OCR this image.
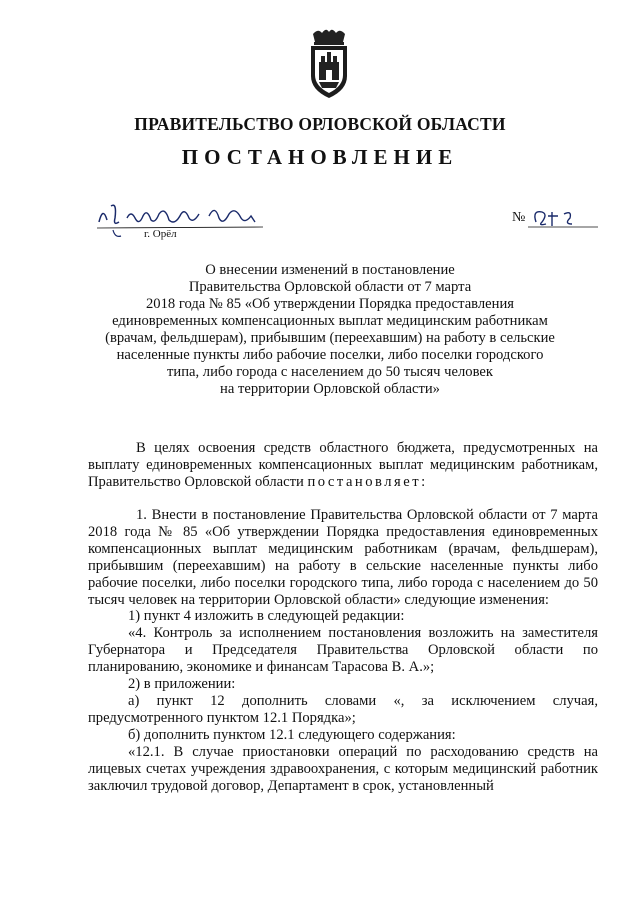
ПРАВИТЕЛЬСТВО ОРЛОВСКОЙ ОБЛАСТИ
ПОСТАНОВЛЕНИЕ
г. Орёл
№
О внесении изменений в постановление
Правительства Орловской области от 7 марта
2018 года № 85 «Об утверждении Порядка предоставления
единовременных компенсационных выплат медицинским работникам
(врачам, фельдшерам), прибывшим (переехавшим) на работу в сельские
населенные пункты либо рабочие поселки, либо поселки городского
типа, либо города с населением до 50 тысяч человек
на территории Орловской области»

В целях освоения средств областного бюджета, предусмотренных на выплату единовременных компенсационных выплат медицинским работникам, Правительство Орловской области постановляет:

1. Внести в постановление Правительства Орловской области от 7 марта 2018 года № 85 «Об утверждении Порядка предоставления единовременных компенсационных выплат медицинским работникам (врачам, фельдшерам), прибывшим (переехавшим) на работу в сельские населенные пункты либо рабочие поселки, либо поселки городского типа, либо города с населением до 50 тысяч человек на территории Орловской области» следующие изменения:

1) пункт 4 изложить в следующей редакции:

«4. Контроль за исполнением постановления возложить на заместителя Губернатора и Председателя Правительства Орловской области по планированию, экономике и финансам Тарасова В. А.»;

2) в приложении:

а) пункт 12 дополнить словами «, за исключением случая, предусмотренного пунктом 12.1 Порядка»;

б) дополнить пунктом 12.1 следующего содержания:

«12.1. В случае приостановки операций по расходованию средств на лицевых счетах учреждения здравоохранения, с которым медицинский работник заключил трудовой договор, Департамент в срок, установленный
